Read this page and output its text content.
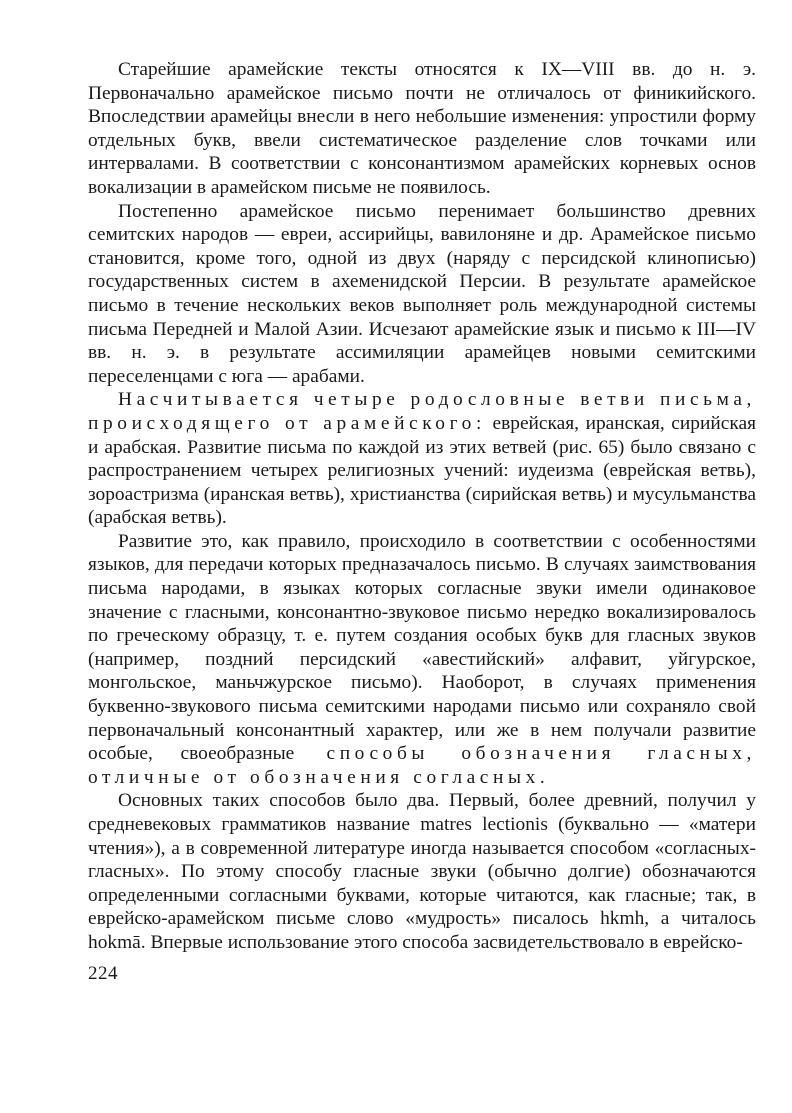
Старейшие арамейские тексты относятся к IX—VIII вв. до н. э. Первоначально арамейское письмо почти не отличалось от финикийского. Впоследствии арамейцы внесли в него небольшие изменения: упростили форму отдельных букв, ввели систематическое разделение слов точками или интервалами. В соответствии с консонантизмом арамейских корневых основ вокализации в арамейском письме не появилось.

Постепенно арамейское письмо перенимает большинство древних семитских народов — евреи, ассирийцы, вавилоняне и др. Арамейское письмо становится, кроме того, одной из двух (наряду с персидской клинописью) государственных систем в ахеменидской Персии. В результате арамейское письмо в течение нескольких веков выполняет роль международной системы письма Передней и Малой Азии. Исчезают арамейские язык и письмо к III—IV вв. н. э. в результате ассимиляции арамейцев новыми семитскими переселенцами с юга — арабами.

Насчитывается четыре родословные ветви письма, происходящего от арамейского: еврейская, иранская, сирийская и арабская. Развитие письма по каждой из этих ветвей (рис. 65) было связано с распространением четырех религиозных учений: иудеизма (еврейская ветвь), зороастризма (иранская ветвь), христианства (сирийская ветвь) и мусульманства (арабская ветвь).

Развитие это, как правило, происходило в соответствии с особенностями языков, для передачи которых предназачалось письмо. В случаях заимствования письма народами, в языках которых согласные звуки имели одинаковое значение с гласными, консонантно-звуковое письмо нередко вокализировалось по греческому образцу, т. е. путем создания особых букв для гласных звуков (например, поздний персидский «авестийский» алфавит, уйгурское, монгольское, маньчжурское письмо). Наоборот, в случаях применения буквенно-звукового письма семитскими народами письмо или сохраняло свой первоначальный консонантный характер, или же в нем получали развитие особые, своеобразные способы обозначения гласных, отличные от обозначения согласных.

Основных таких способов было два. Первый, более древний, получил у средневековых грамматиков название matres lectionis (буквально — «матери чтения»), а в современной литературе иногда называется способом «согласных-гласных». По этому способу гласные звуки (обычно долгие) обозначаются определенными согласными буквами, которые читаются, как гласные; так, в еврейско-арамейском письме слово «мудрость» писалось hkmh, а читалось hokmā. Впервые использование этого способа засвидетельствовало в еврейско-

224
